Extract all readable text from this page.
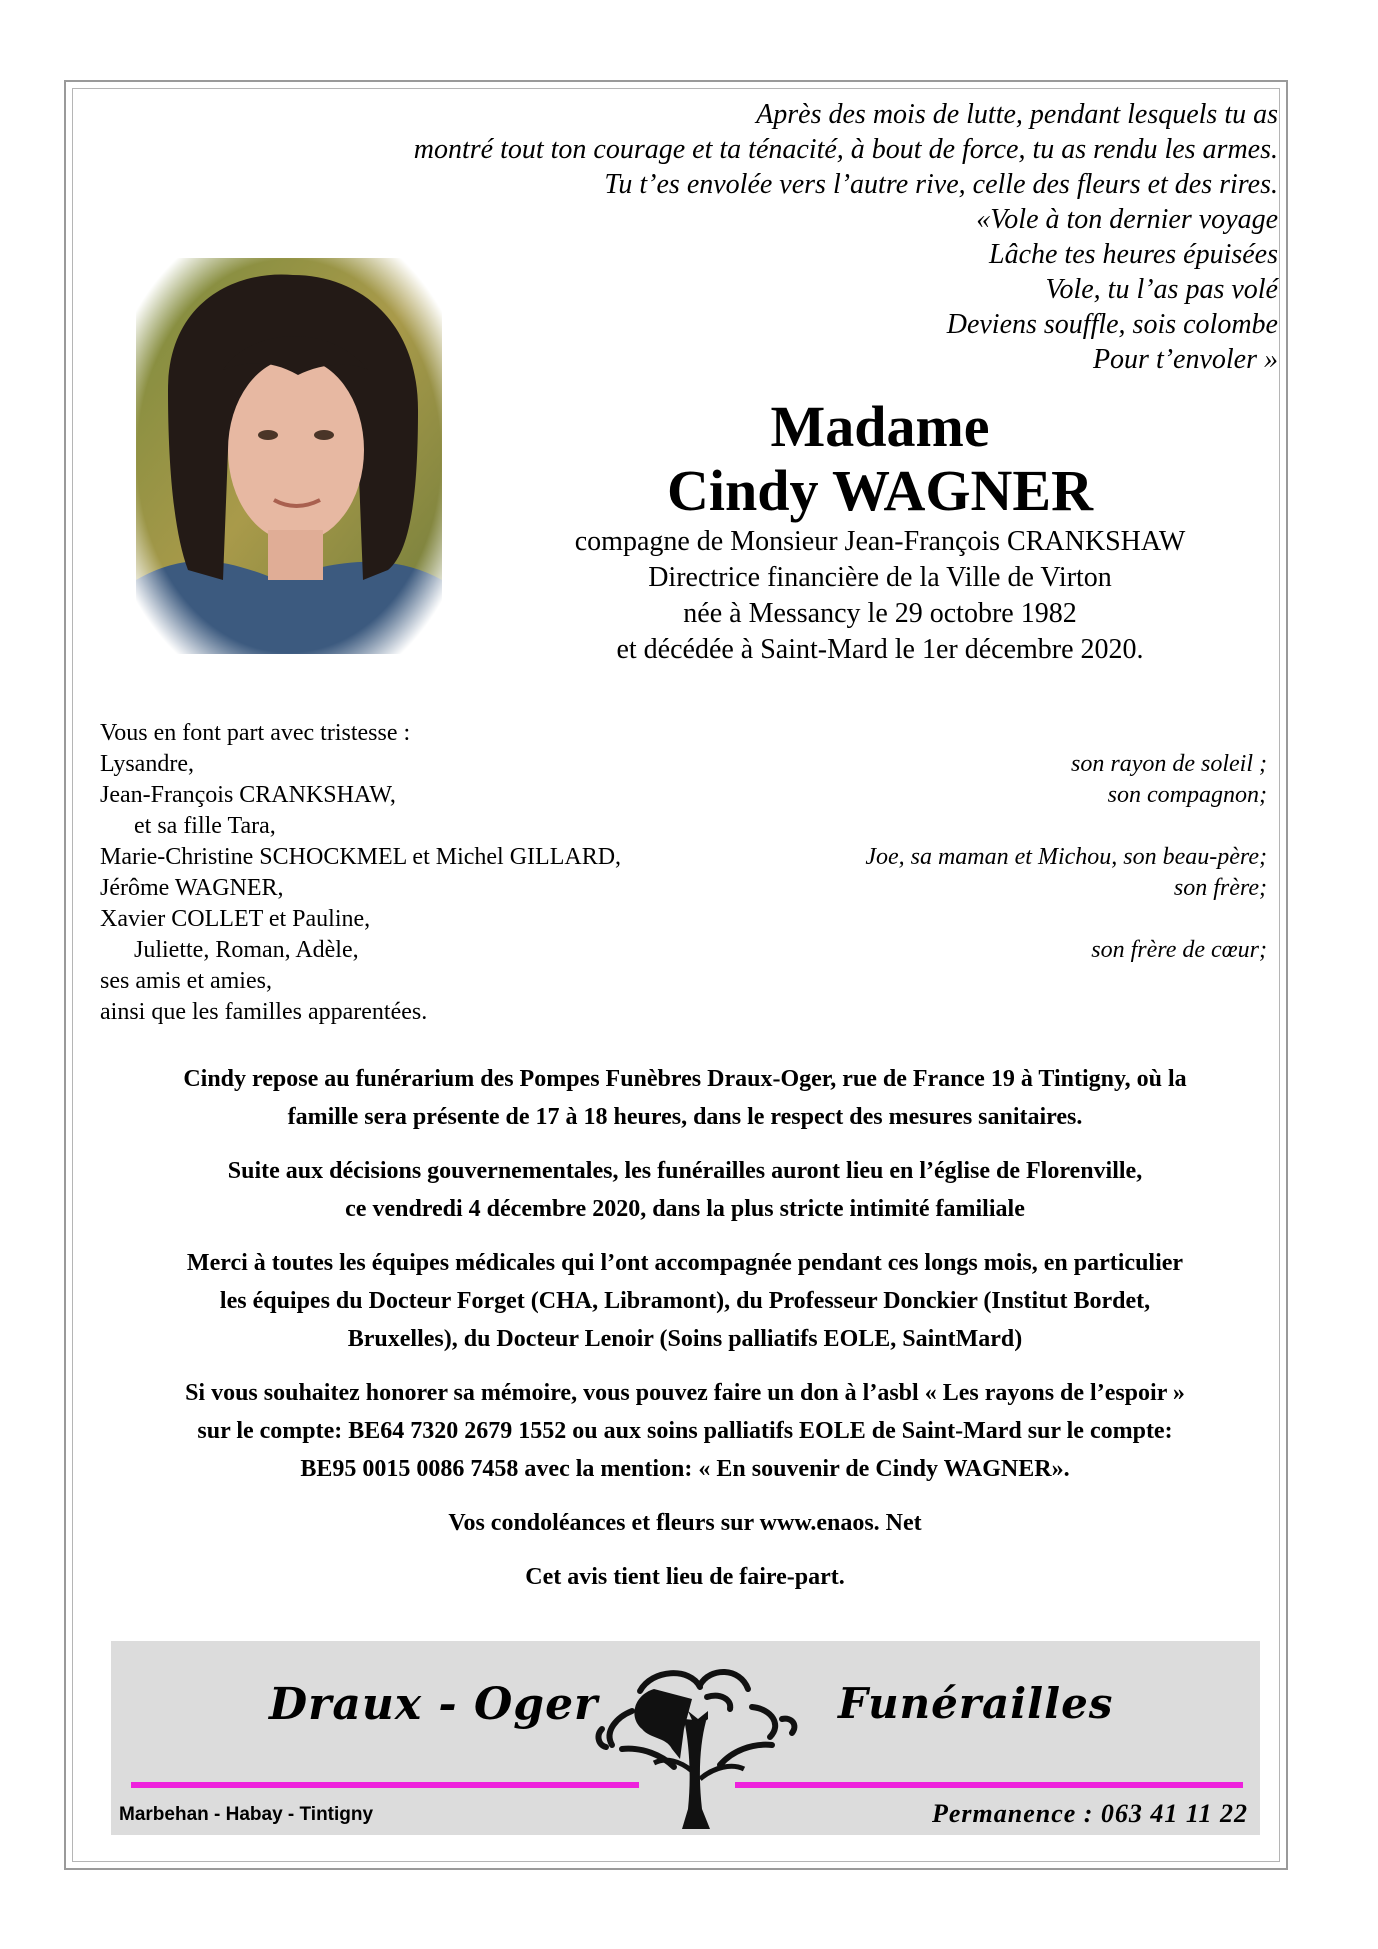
Après des mois de lutte, pendant lesquels tu as
montré tout ton courage et ta ténacité, à bout de force, tu as rendu les armes.
Tu t’es envolée vers l’autre rive, celle des fleurs et des rires.
«Vole à ton dernier voyage
Lâche tes heures épuisées
Vole, tu l’as pas volé
Deviens souffle, sois colombe
Pour t’envoler »
Madame
Cindy WAGNER
compagne de Monsieur Jean-François CRANKSHAW
Directrice financière de la Ville de Virton
née à Messancy le 29 octobre 1982
et décédée à Saint-Mard le 1er décembre 2020.
Vous en font part avec tristesse :
Lysandre,	son rayon de soleil ;
Jean-François CRANKSHAW,	son compagnon;
et sa fille Tara,
Marie-Christine SCHOCKMEL et Michel GILLARD,	Joe, sa maman et Michou, son beau-père;
Jérôme WAGNER,	son frère;
Xavier COLLET et Pauline,
Juliette, Roman, Adèle,	son frère de cœur;
ses amis et amies,
ainsi que les familles apparentées.

Cindy repose au funérarium des Pompes Funèbres Draux-Oger, rue de France 19 à Tintigny, où la
famille sera présente de 17 à 18 heures, dans le respect des mesures sanitaires.

Suite aux décisions gouvernementales, les funérailles auront lieu en l’église de Florenville,
ce vendredi 4 décembre 2020, dans la plus stricte intimité familiale

Merci à toutes les équipes médicales qui l’ont accompagnée pendant ces longs mois, en particulier
les équipes du Docteur Forget (CHA, Libramont), du Professeur Donckier (Institut Bordet,
Bruxelles), du Docteur Lenoir (Soins palliatifs EOLE, SaintMard)

Si vous souhaitez honorer sa mémoire, vous pouvez faire un don à l’asbl « Les rayons de l’espoir »
sur le compte: BE64 7320 2679 1552 ou aux soins palliatifs EOLE de Saint-Mard sur le compte:
BE95 0015 0086 7458 avec la mention: « En souvenir de Cindy WAGNER».

Vos condoléances et fleurs sur www.enaos. Net

Cet avis tient lieu de faire-part.

Draux - Oger	Funérailles
Marbehan - Habay - Tintigny	Permanence : 063 41 11 22
